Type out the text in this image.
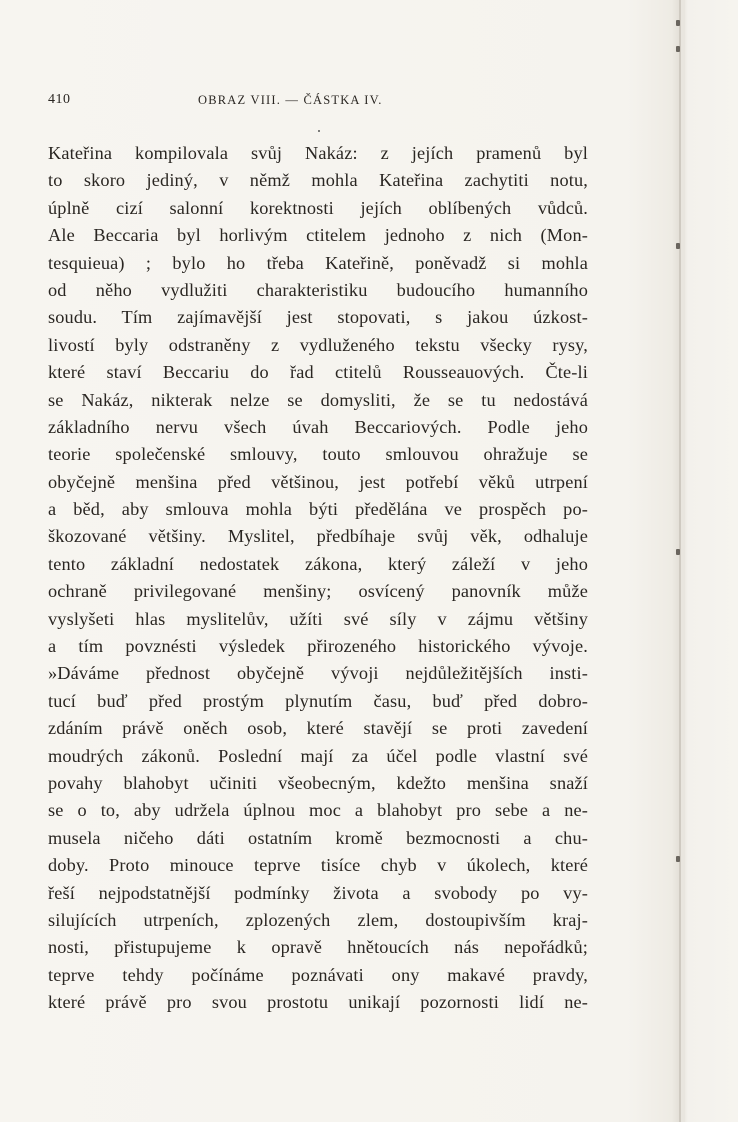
410	OBRAZ VIII. — ČÁSTKA IV.
Kateřina kompilovala svůj Nakáz: z jejích pramenů byl
to skoro jediný, v němž mohla Kateřina zachytiti notu,
úplně cizí salonní korektnosti jejích oblíbených vůdců.
Ale Beccaria byl horlivým ctitelem jednoho z nich (Mon-
tesquieua) ; bylo ho třeba Kateřině, poněvadž si mohla
od něho vydlužiti charakteristiku budoucího humanního
soudu. Tím zajímavější jest stopovati, s jakou úzkost-
livostí byly odstraněny z vydluženého tekstu všecky rysy,
které staví Beccariu do řad ctitelů Rousseauových. Čte-li
se Nakáz, nikterak nelze se domysliti, že se tu nedostává
základního nervu všech úvah Beccariových. Podle jeho
teorie společenské smlouvy, touto smlouvou ohražuje se
obyčejně menšina před většinou, jest potřebí věků utrpení
a běd, aby smlouva mohla býti předělána ve prospěch po-
škozované většiny. Myslitel, předbíhaje svůj věk, odhaluje
tento základní nedostatek zákona, který záleží v jeho
ochraně privilegované menšiny; osvícený panovník může
vyslyšeti hlas myslitelův, užíti své síly v zájmu většiny
a tím povznésti výsledek přirozeného historického vývoje.
»Dáváme přednost obyčejně vývoji nejdůležitějších insti-
tucí buď před prostým plynutím času, buď před dobro-
zdáním právě oněch osob, které stavějí se proti zavedení
moudrých zákonů. Poslední mají za účel podle vlastní své
povahy blahobyt učiniti všeobecným, kdežto menšina snaží
se o to, aby udržela úplnou moc a blahobyt pro sebe a ne-
musela ničeho dáti ostatním kromě bezmocnosti a chu-
doby. Proto minouce teprve tisíce chyb v úkolech, které
řeší nejpodstatnější podmínky života a svobody po vy-
silujících utrpeních, zplozených zlem, dostoupivším kraj-
nosti, přistupujeme k opravě hnětoucích nás nepořádků;
teprve tehdy počínáme poznávati ony makavé pravdy,
které právě pro svou prostotu unikají pozornosti lidí ne-
